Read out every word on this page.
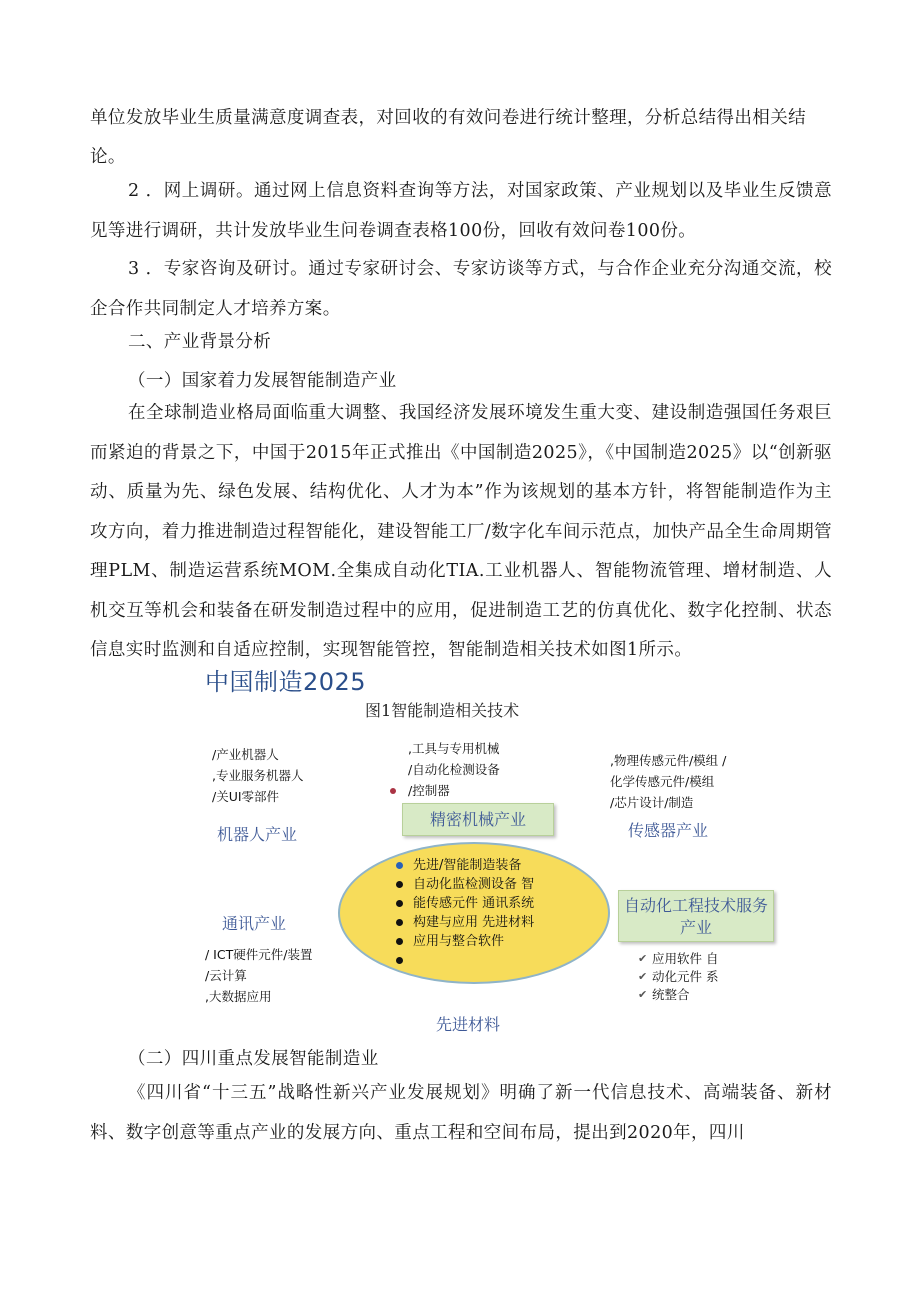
单位发放毕业生质量满意度调查表，对回收的有效问卷进行统计整理，分析总结得出相关结

论。

2 ．网上调研。通过网上信息资料查询等方法，对国家政策、产业规划以及毕业生反馈意见等进行调研，共计发放毕业生问卷调查表格100份，回收有效问卷100份。

3 ．专家咨询及研讨。通过专家研讨会、专家访谈等方式，与合作企业充分沟通交流，校企合作共同制定人才培养方案。

二、产业背景分析

（一）国家着力发展智能制造产业

在全球制造业格局面临重大调整、我国经济发展环境发生重大变、建设制造强国任务艰巨而紧迫的背景之下，中国于2015年正式推出《中国制造2025》，《中国制造2025》以“创新驱动、质量为先、绿色发展、结构优化、人才为本”作为该规划的基本方针，将智能制造作为主攻方向，着力推进制造过程智能化，建设智能工厂/数字化车间示范点，加快产品全生命周期管理PLM、制造运营系统MOM.全集成自动化TIA.工业机器人、智能物流管理、增材制造、人机交互等机会和装备在研发制造过程中的应用，促进制造工艺的仿真优化、数字化控制、状态信息实时监测和自适应控制，实现智能管控，智能制造相关技术如图1所示。

中国制造2025
图1智能制造相关技术
/产业机器人
,专业服务机器人
/关UI零部件
机器人产业
,工具与专用机械
/自动化检测设备
/控制器
精密机械产业
,物理传感元件/模组 /
化学传感元件/模组
/芯片设计/制造
传感器产业
通讯产业
/ ICT硬件元件/装置
/云计算
,大数据应用
先进/智能制造装备
自动化监检测设备 智
能传感元件 通讯系统
构建与应用 先进材料
应用与整合软件
自动化工程技术服务产业
✔ 应用软件 自
✔ 动化元件 系
✔ 统整合
先进材料

（二）四川重点发展智能制造业

《四川省“十三五”战略性新兴产业发展规划》明确了新一代信息技术、高端装备、新材料、数字创意等重点产业的发展方向、重点工程和空间布局，提出到2020年，四川
